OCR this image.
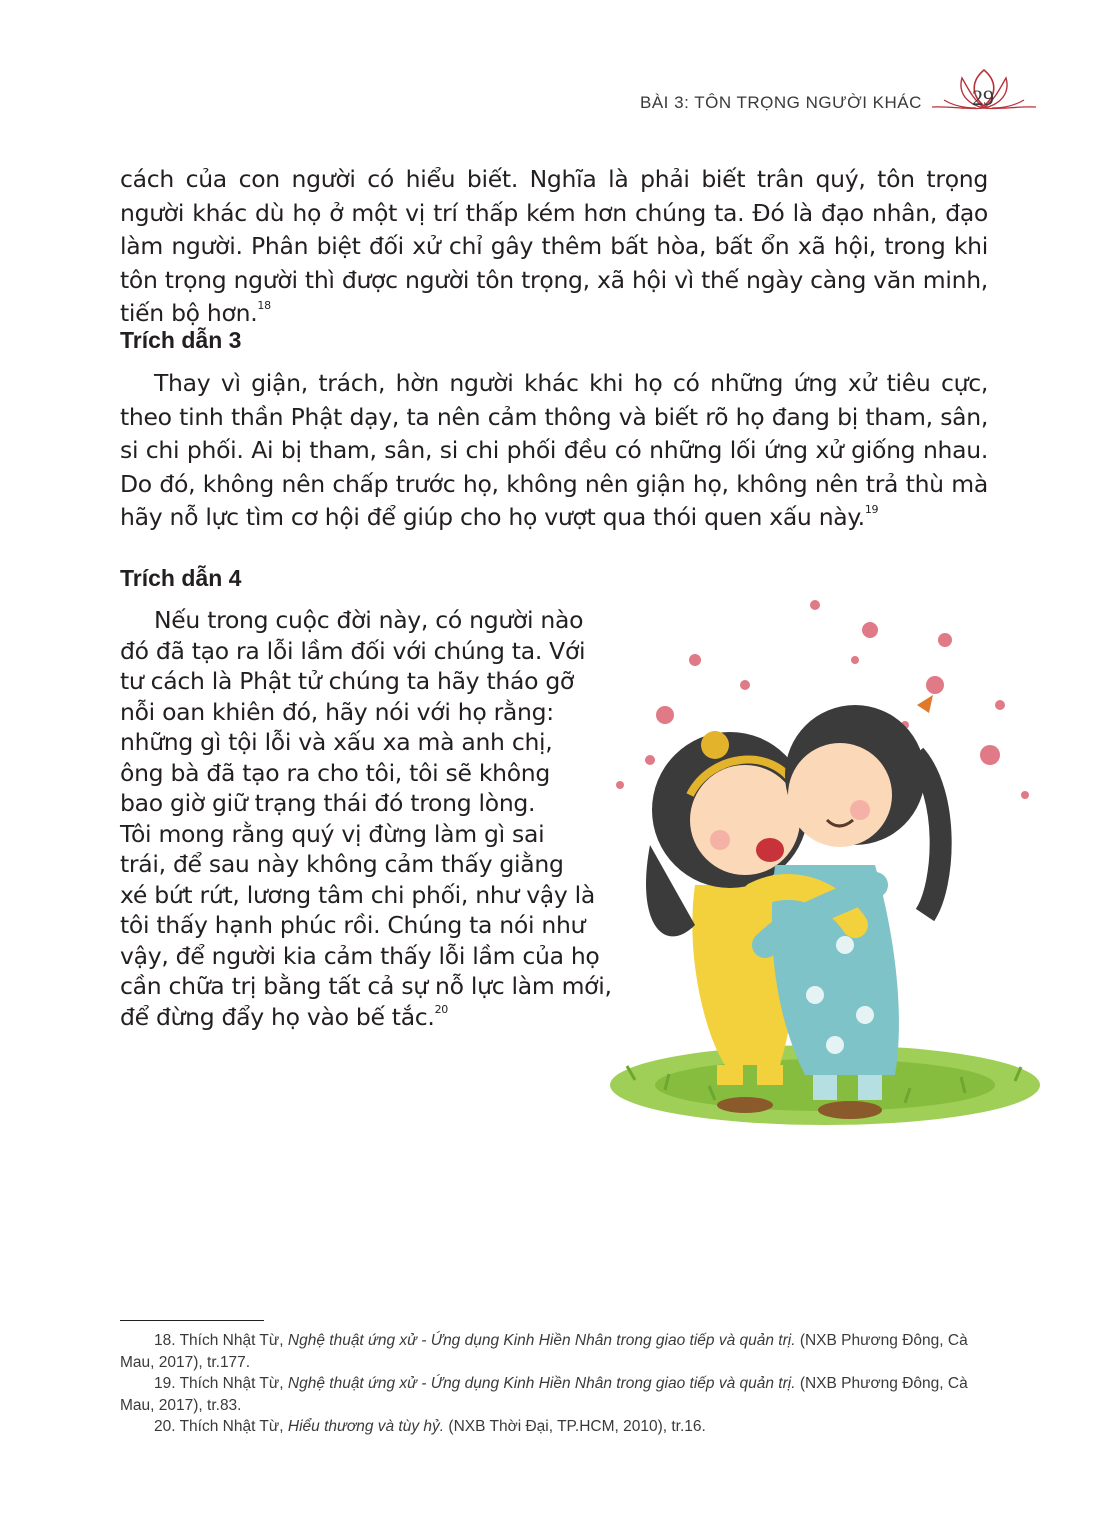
BÀI 3: TÔN TRỌNG NGƯỜI KHÁC 29

cách của con người có hiểu biết. Nghĩa là phải biết trân quý, tôn trọng người khác dù họ ở một vị trí thấp kém hơn chúng ta. Đó là đạo nhân, đạo làm người. Phân biệt đối xử chỉ gây thêm bất hòa, bất ổn xã hội, trong khi tôn trọng người thì được người tôn trọng, xã hội vì thế ngày càng văn minh, tiến bộ hơn.$^{18}$

Trích dẫn 3

Thay vì giận, trách, hờn người khác khi họ có những ứng xử tiêu cực, theo tinh thần Phật dạy, ta nên cảm thông và biết rõ họ đang bị tham, sân, si chi phối. Ai bị tham, sân, si chi phối đều có những lối ứng xử giống nhau. Do đó, không nên chấp trước họ, không nên giận họ, không nên trả thù mà hãy nỗ lực tìm cơ hội để giúp cho họ vượt qua thói quen xấu này.$^{19}$

Trích dẫn 4
Nếu trong cuộc đời này, có người nào
đó đã tạo ra lỗi lầm đối với chúng ta. Với
tư cách là Phật tử chúng ta hãy tháo gỡ
nỗi oan khiên đó, hãy nói với họ rằng:
những gì tội lỗi và xấu xa mà anh chị,
ông bà đã tạo ra cho tôi, tôi sẽ không
bao giờ giữ trạng thái đó trong lòng.
Tôi mong rằng quý vị đừng làm gì sai
trái, để sau này không cảm thấy giằng
xé bứt rứt, lương tâm chi phối, như vậy là
tôi thấy hạnh phúc rồi. Chúng ta nói như
vậy, để người kia cảm thấy lỗi lầm của họ
cần chữa trị bằng tất cả sự nỗ lực làm mới,
để đừng đẩy họ vào bế tắc.$^{20}$

18. Thích Nhật Từ, Nghệ thuật ứng xử - Ứng dụng Kinh Hiền Nhân trong giao tiếp và quản trị. (NXB Phương Đông, Cà Mau, 2017), tr.177.

19. Thích Nhật Từ, Nghệ thuật ứng xử - Ứng dụng Kinh Hiền Nhân trong giao tiếp và quản trị. (NXB Phương Đông, Cà Mau, 2017), tr.83.

20. Thích Nhật Từ, Hiểu thương và tùy hỷ. (NXB Thời Đại, TP.HCM, 2010), tr.16.
